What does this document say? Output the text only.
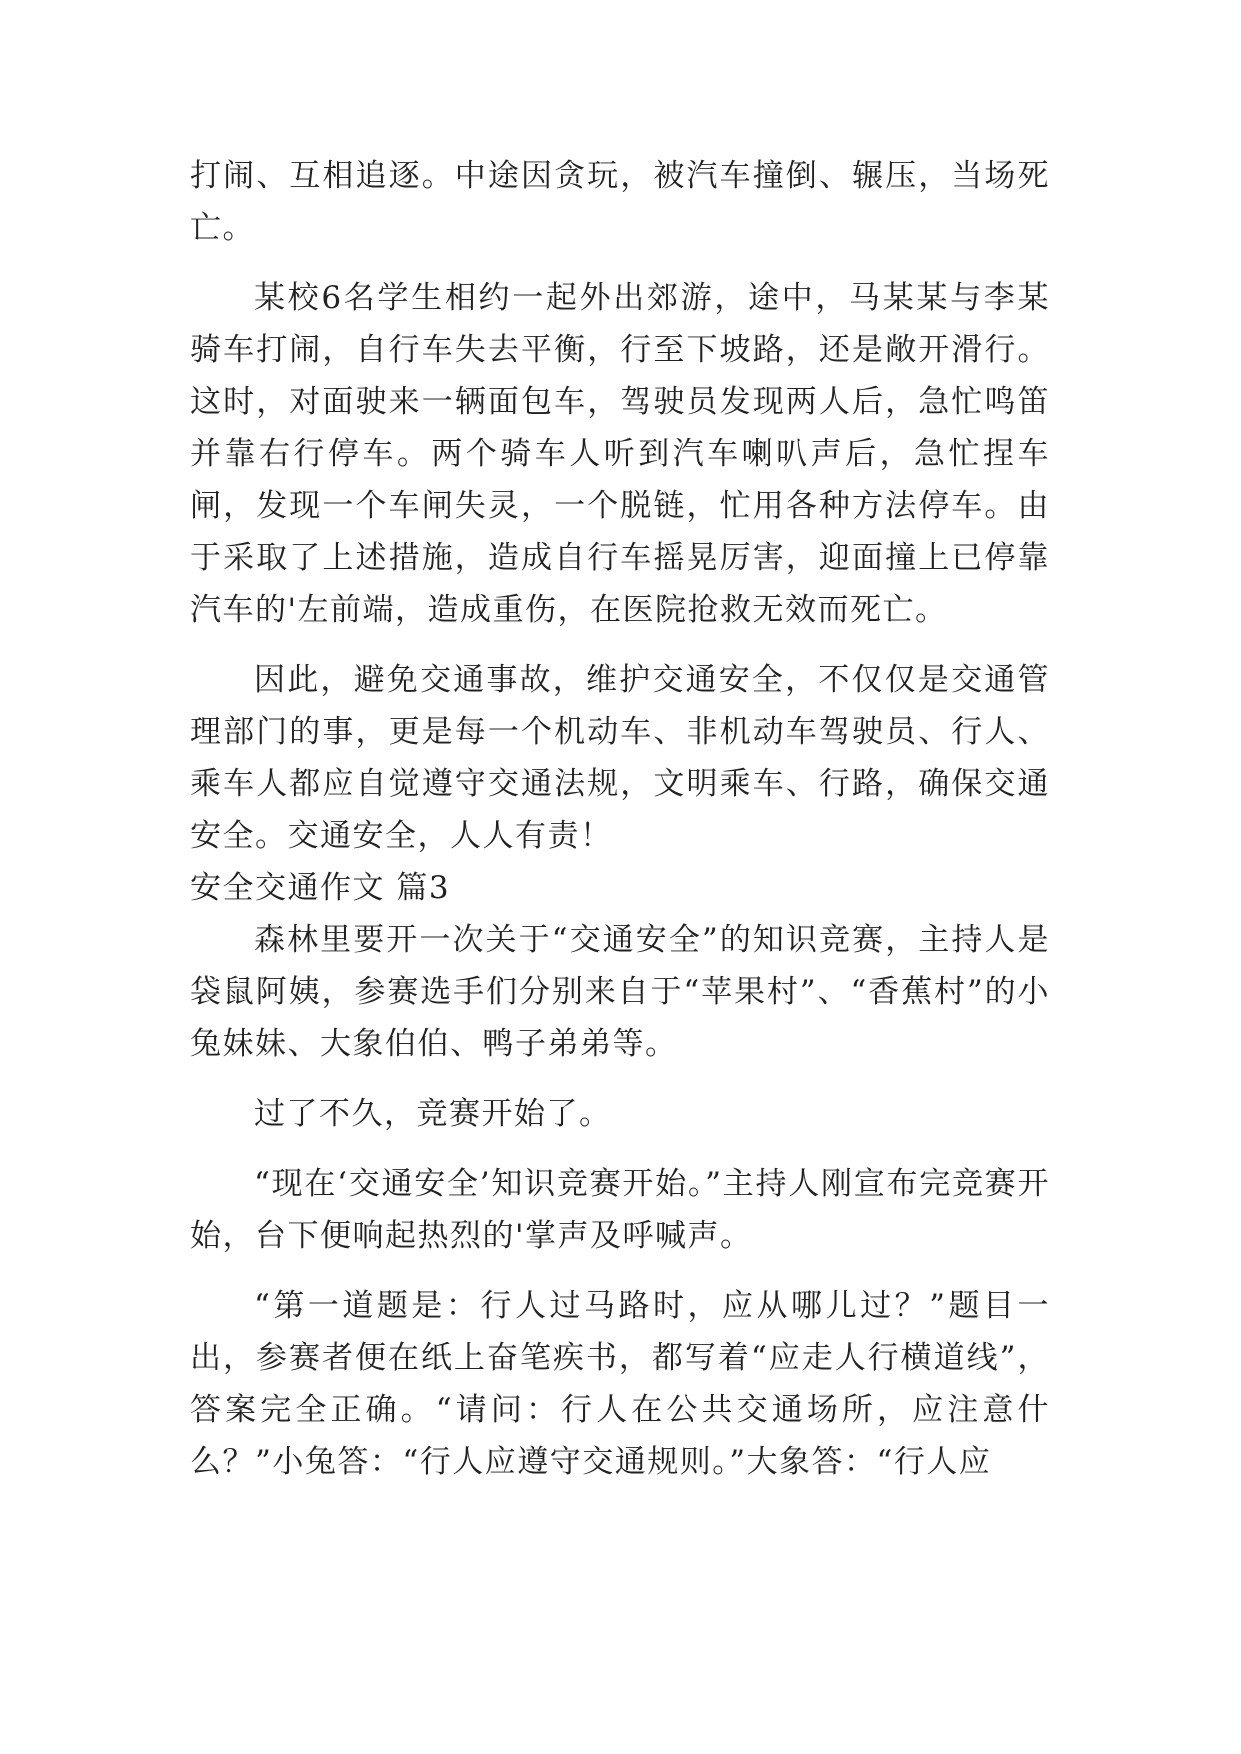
打闹、互相追逐。中途因贪玩，被汽车撞倒、辗压，当场死亡。

某校6名学生相约一起外出郊游，途中，马某某与李某骑车打闹，自行车失去平衡，行至下坡路，还是敞开滑行。这时，对面驶来一辆面包车，驾驶员发现两人后，急忙鸣笛并靠右行停车。两个骑车人听到汽车喇叭声后，急忙捏车闸，发现一个车闸失灵，一个脱链，忙用各种方法停车。由于采取了上述措施，造成自行车摇晃厉害，迎面撞上已停靠汽车的'左前端，造成重伤，在医院抢救无效而死亡。

因此，避免交通事故，维护交通安全，不仅仅是交通管理部门的事，更是每一个机动车、非机动车驾驶员、行人、乘车人都应自觉遵守交通法规，文明乘车、行路，确保交通安全。交通安全，人人有责！

安全交通作文 篇3

森林里要开一次关于“交通安全”的知识竞赛，主持人是袋鼠阿姨，参赛选手们分别来自于“苹果村”、“香蕉村”的小兔妹妹、大象伯伯、鸭子弟弟等。

过了不久，竞赛开始了。

“现在‘交通安全’知识竞赛开始。”主持人刚宣布完竞赛开始，台下便响起热烈的'掌声及呼喊声。

“第一道题是：行人过马路时，应从哪儿过？”题目一出，参赛者便在纸上奋笔疾书，都写着“应走人行横道线”，答案完全正确。“请问：行人在公共交通场所，应注意什么？”小兔答：“行人应遵守交通规则。”大象答：“行人应
